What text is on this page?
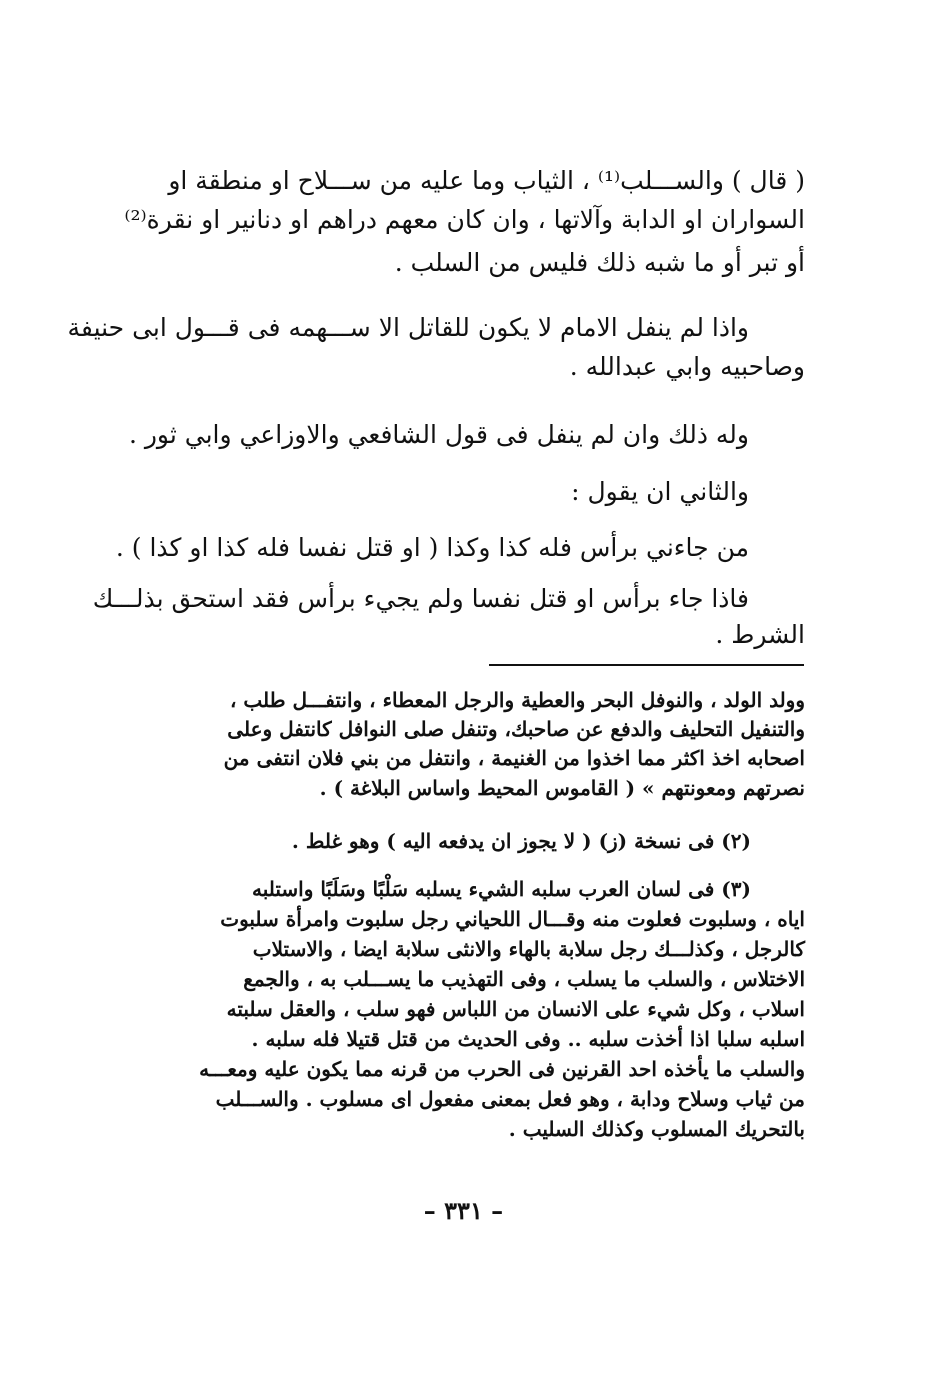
( قال ) والســـلب⁽¹⁾ ، الثياب وما عليه من ســـلاح او منطقة او
السواران او الدابة وآلاتها ، وان كان معهم دراهم او دنانير او نقرة⁽²⁾
أو تبر أو ما شبه ذلك فليس من السلب .
واذا لم ينفل الامام لا يكون للقاتل الا ســـهمه فى قـــول ابى حنيفة
وصاحبيه وابي عبدالله .
وله ذلك وان لم ينفل فى قول الشافعي والاوزاعي وابي ثور .
والثاني ان يقول :
من جاءني برأس فله كذا وكذا ( او قتل نفسا فله كذا او كذا ) .
فاذا جاء برأس او قتل نفسا ولم يجيء برأس فقد استحق بذلـــك
الشرط .
وولد الولد ، والنوفل البحر والعطية والرجل المعطاء ، وانتفـــل طلب ،
والتنفيل التحليف والدفع عن صاحبك، وتنفل صلى النوافل كانتفل وعلى
اصحابه اخذ اكثر مما اخذوا من الغنيمة ، وانتفل من بني فلان انتفى من
نصرتهم ومعونتهم » ( القاموس المحيط واساس البلاغة ) .
(٢) فى نسخة (ز) ( لا يجوز ان يدفعه اليه ) وهو غلط .
(٣) فى لسان العرب سلبه الشيء يسلبه سَلْبًا وسَلَبًا واستلبه
اياه ، وسلبوت فعلوت منه وقـــال اللحياني رجل سلبوت وامرأة سلبوت
كالرجل ، وكذلـــك رجل سلابة بالهاء والانثى سلابة ايضا ، والاستلاب
الاختلاس ، والسلب ما يسلب ، وفى التهذيب ما يســـلب به ، والجمع
اسلاب ، وكل شيء على الانسان من اللباس فهو سلب ، والعقل سلبته
اسلبه سلبا اذا أخذت سلبه .. وفى الحديث من قتل قتيلا فله سلبه .
والسلب ما يأخذه احد القرنين فى الحرب من قرنه مما يكون عليه ومعـــه
من ثياب وسلاح ودابة ، وهو فعل بمعنى مفعول اى مسلوب . والســـلب
بالتحريك المسلوب وكذلك السليب .
– ٣٣١ –
